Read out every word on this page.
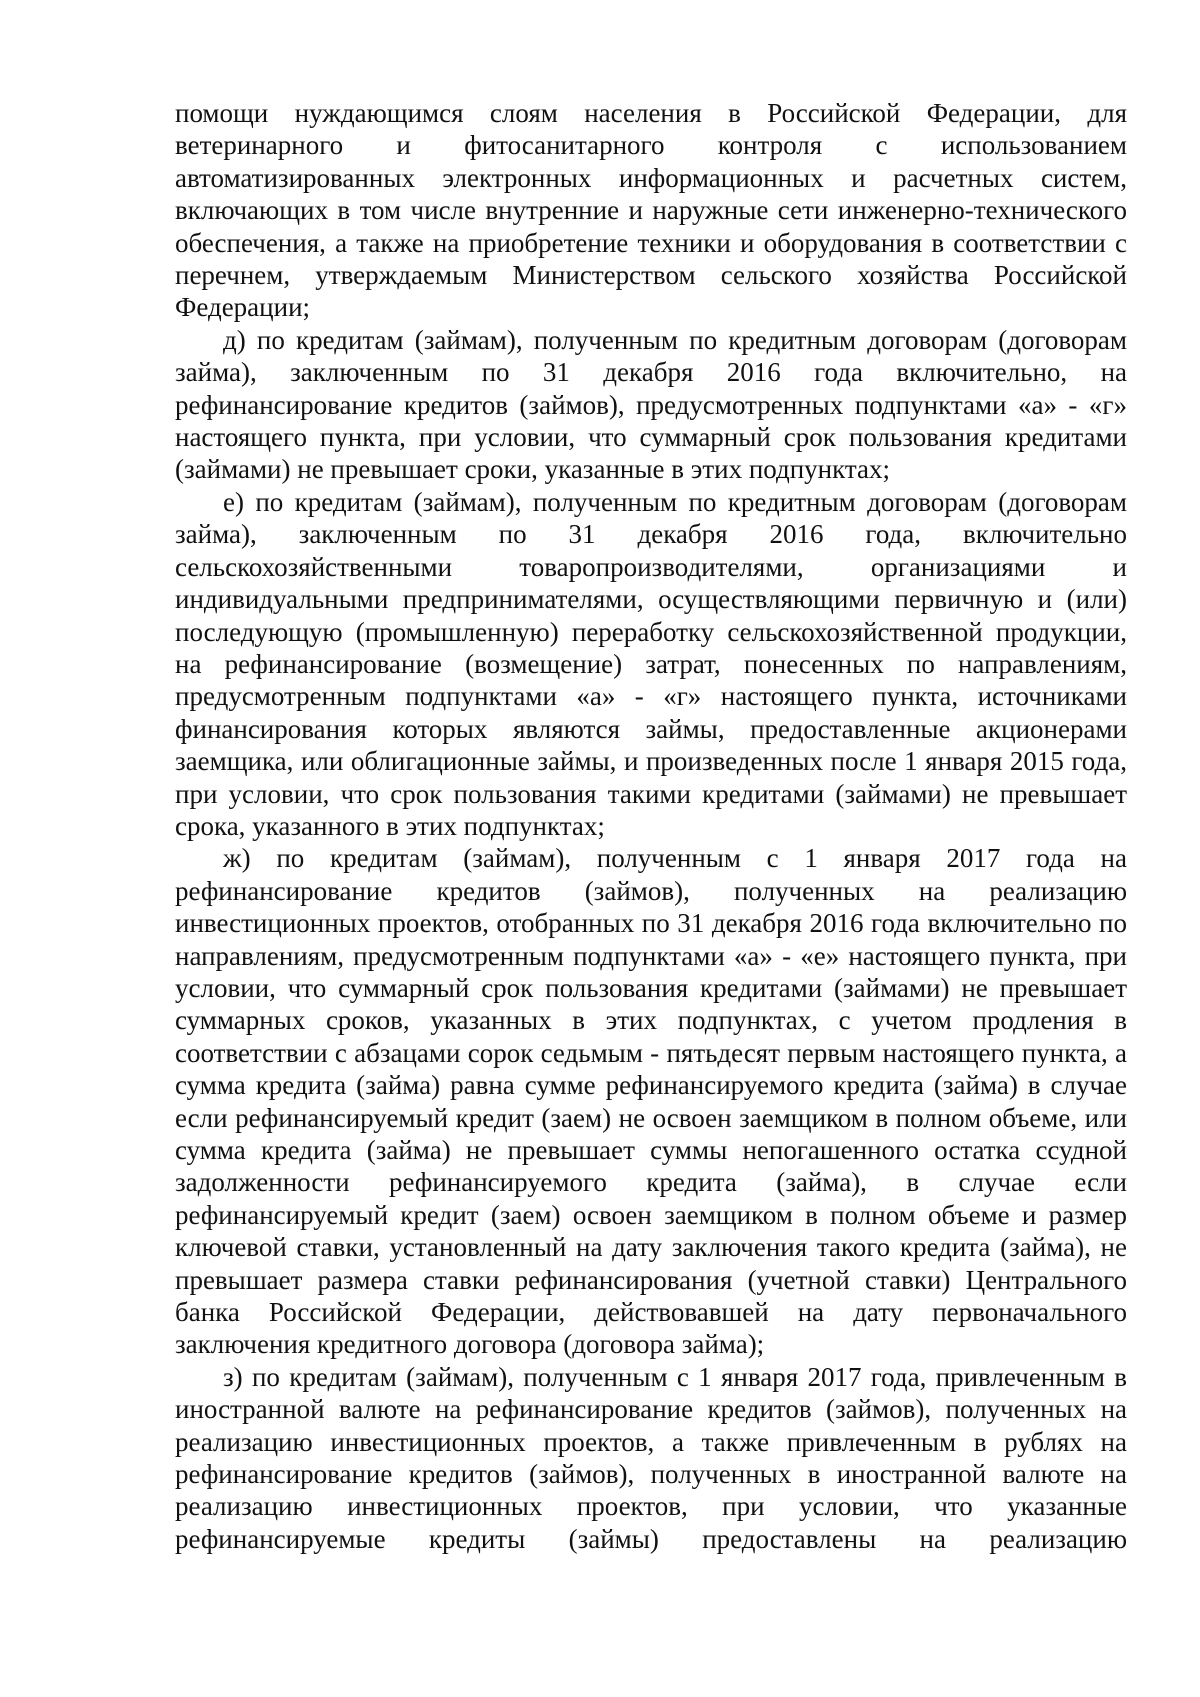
помощи нуждающимся слоям населения в Российской Федерации, для ветеринарного и фитосанитарного контроля с использованием автоматизированных электронных информационных и расчетных систем, включающих в том числе внутренние и наружные сети инженерно-технического обеспечения, а также на приобретение техники и оборудования в соответствии с перечнем, утверждаемым Министерством сельского хозяйства Российской Федерации;

д) по кредитам (займам), полученным по кредитным договорам (договорам займа), заключенным по 31 декабря 2016 года включительно, на рефинансирование кредитов (займов), предусмотренных подпунктами «а» - «г» настоящего пункта, при условии, что суммарный срок пользования кредитами (займами) не превышает сроки, указанные в этих подпунктах;

е) по кредитам (займам), полученным по кредитным договорам (договорам займа), заключенным по 31 декабря 2016 года, включительно сельскохозяйственными товаропроизводителями, организациями и индивидуальными предпринимателями, осуществляющими первичную и (или) последующую (промышленную) переработку сельскохозяйственной продукции, на рефинансирование (возмещение) затрат, понесенных по направлениям, предусмотренным подпунктами «а» - «г» настоящего пункта, источниками финансирования которых являются займы, предоставленные акционерами заемщика, или облигационные займы, и произведенных после 1 января 2015 года, при условии, что срок пользования такими кредитами (займами) не превышает срока, указанного в этих подпунктах;

ж) по кредитам (займам), полученным с 1 января 2017 года на рефинансирование кредитов (займов), полученных на реализацию инвестиционных проектов, отобранных по 31 декабря 2016 года включительно по направлениям, предусмотренным подпунктами «а» - «е» настоящего пункта, при условии, что суммарный срок пользования кредитами (займами) не превышает суммарных сроков, указанных в этих подпунктах, с учетом продления в соответствии с абзацами сорок седьмым - пятьдесят первым настоящего пункта, а сумма кредита (займа) равна сумме рефинансируемого кредита (займа) в случае если рефинансируемый кредит (заем) не освоен заемщиком в полном объеме, или сумма кредита (займа) не превышает суммы непогашенного остатка ссудной задолженности рефинансируемого кредита (займа), в случае если рефинансируемый кредит (заем) освоен заемщиком в полном объеме и размер ключевой ставки, установленный на дату заключения такого кредита (займа), не превышает размера ставки рефинансирования (учетной ставки) Центрального банка Российской Федерации, действовавшей на дату первоначального заключения кредитного договора (договора займа);

з) по кредитам (займам), полученным с 1 января 2017 года, привлеченным в иностранной валюте на рефинансирование кредитов (займов), полученных на реализацию инвестиционных проектов, а также привлеченным в рублях на рефинансирование кредитов (займов), полученных в иностранной валюте на реализацию инвестиционных проектов, при условии, что указанные рефинансируемые кредиты (займы) предоставлены на реализацию
